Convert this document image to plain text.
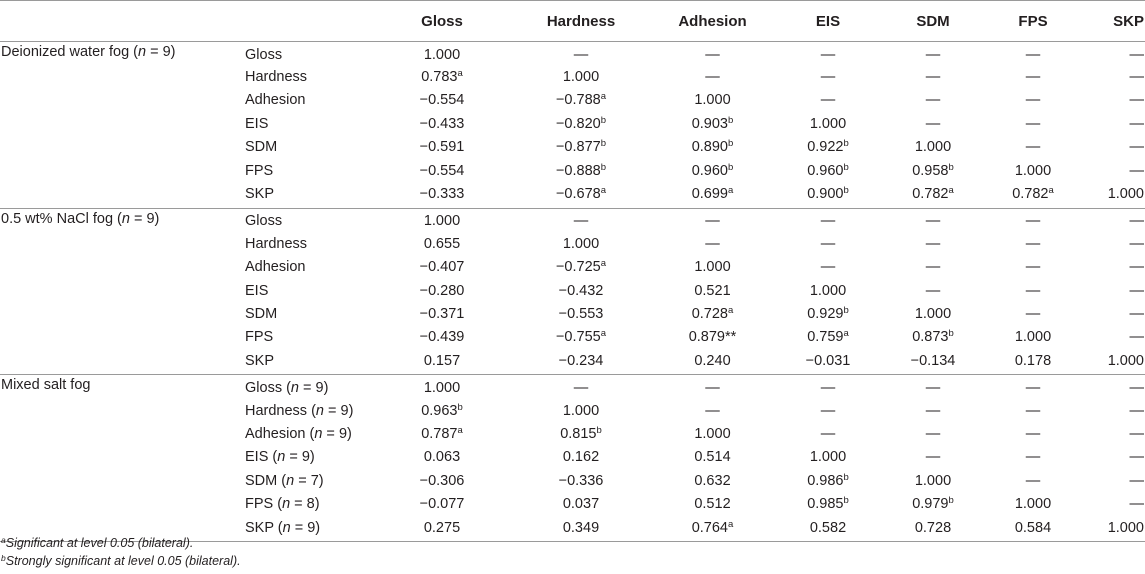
		Gloss	Hardness	Adhesion	EIS	SDM	FPS	SKP
Deionized water fog (n = 9)	Gloss	1.000	—	—	—	—	—	—
	Hardness	0.783$^a$	1.000	—	—	—	—	—
	Adhesion	−0.554	−0.788$^a$	1.000	—	—	—	—
	EIS	−0.433	−0.820$^b$	0.903$^b$	1.000	—	—	—
	SDM	−0.591	−0.877$^b$	0.890$^b$	0.922$^b$	1.000	—	—
	FPS	−0.554	−0.888$^b$	0.960$^b$	0.960$^b$	0.958$^b$	1.000	—
	SKP	−0.333	−0.678$^a$	0.699$^a$	0.900$^b$	0.782$^a$	0.782$^a$	1.000
0.5 wt% NaCl fog (n = 9)	Gloss	1.000	—	—	—	—	—	—
	Hardness	0.655	1.000	—	—	—	—	—
	Adhesion	−0.407	−0.725$^a$	1.000	—	—	—	—
	EIS	−0.280	−0.432	0.521	1.000	—	—	—
	SDM	−0.371	−0.553	0.728$^a$	0.929$^b$	1.000	—	—
	FPS	−0.439	−0.755$^a$	0.879**	0.759$^a$	0.873$^b$	1.000	—
	SKP	0.157	−0.234	0.240	−0.031	−0.134	0.178	1.000
Mixed salt fog	Gloss (n = 9)	1.000	—	—	—	—	—	—
	Hardness (n = 9)	0.963$^b$	1.000	—	—	—	—	—
	Adhesion (n = 9)	0.787$^a$	0.815$^b$	1.000	—	—	—	—
	EIS (n = 9)	0.063	0.162	0.514	1.000	—	—	—
	SDM (n = 7)	−0.306	−0.336	0.632	0.986$^b$	1.000	—	—
	FPS (n = 8)	−0.077	0.037	0.512	0.985$^b$	0.979$^b$	1.000	—
	SKP (n = 9)	0.275	0.349	0.764$^a$	0.582	0.728	0.584	1.000
$^a$Significant at level 0.05 (bilateral).
$^b$Strongly significant at level 0.05 (bilateral).
